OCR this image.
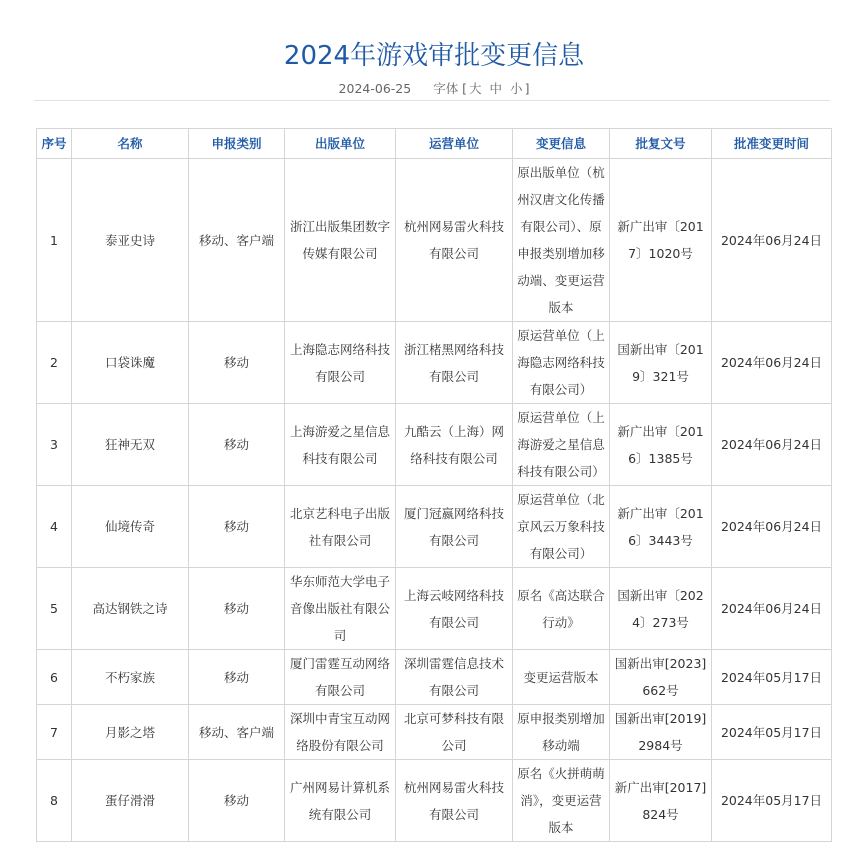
2024年游戏审批变更信息
2024-06-25 字体 [ 大 中 小 ]
序号	名称	申报类别	出版单位	运营单位	变更信息	批复文号	批准变更时间
1	泰亚史诗	移动、客户端	浙江出版集团数字传媒有限公司	杭州网易雷火科技有限公司	原出版单位（杭州汉唐文化传播有限公司）、原申报类别增加移动端、变更运营版本	新广出审〔2017〕1020号	2024年06月24日
2	口袋诛魔	移动	上海隐志网络科技有限公司	浙江楮黑网络科技有限公司	原运营单位（上海隐志网络科技有限公司）	国新出审〔2019〕321号	2024年06月24日
3	狂神无双	移动	上海游爱之星信息科技有限公司	九酷云（上海）网络科技有限公司	原运营单位（上海游爱之星信息科技有限公司）	新广出审〔2016〕1385号	2024年06月24日
4	仙境传奇	移动	北京艺科电子出版社有限公司	厦门冠嬴网络科技有限公司	原运营单位（北京风云万象科技有限公司）	新广出审〔2016〕3443号	2024年06月24日
5	高达钢铁之诗	移动	华东师范大学电子音像出版社有限公司	上海云岐网络科技有限公司	原名《高达联合行动》	国新出审〔2024〕273号	2024年06月24日
6	不朽家族	移动	厦门雷霆互动网络有限公司	深圳雷霆信息技术有限公司	变更运营版本	国新出审[2023]662号	2024年05月17日
7	月影之塔	移动、客户端	深圳中青宝互动网络股份有限公司	北京可梦科技有限公司	原申报类别增加移动端	国新出审[2019]2984号	2024年05月17日
8	蛋仔滑滑	移动	广州网易计算机系统有限公司	杭州网易雷火科技有限公司	原名《火拼萌萌消》，变更运营版本	新广出审[2017]824号	2024年05月17日
